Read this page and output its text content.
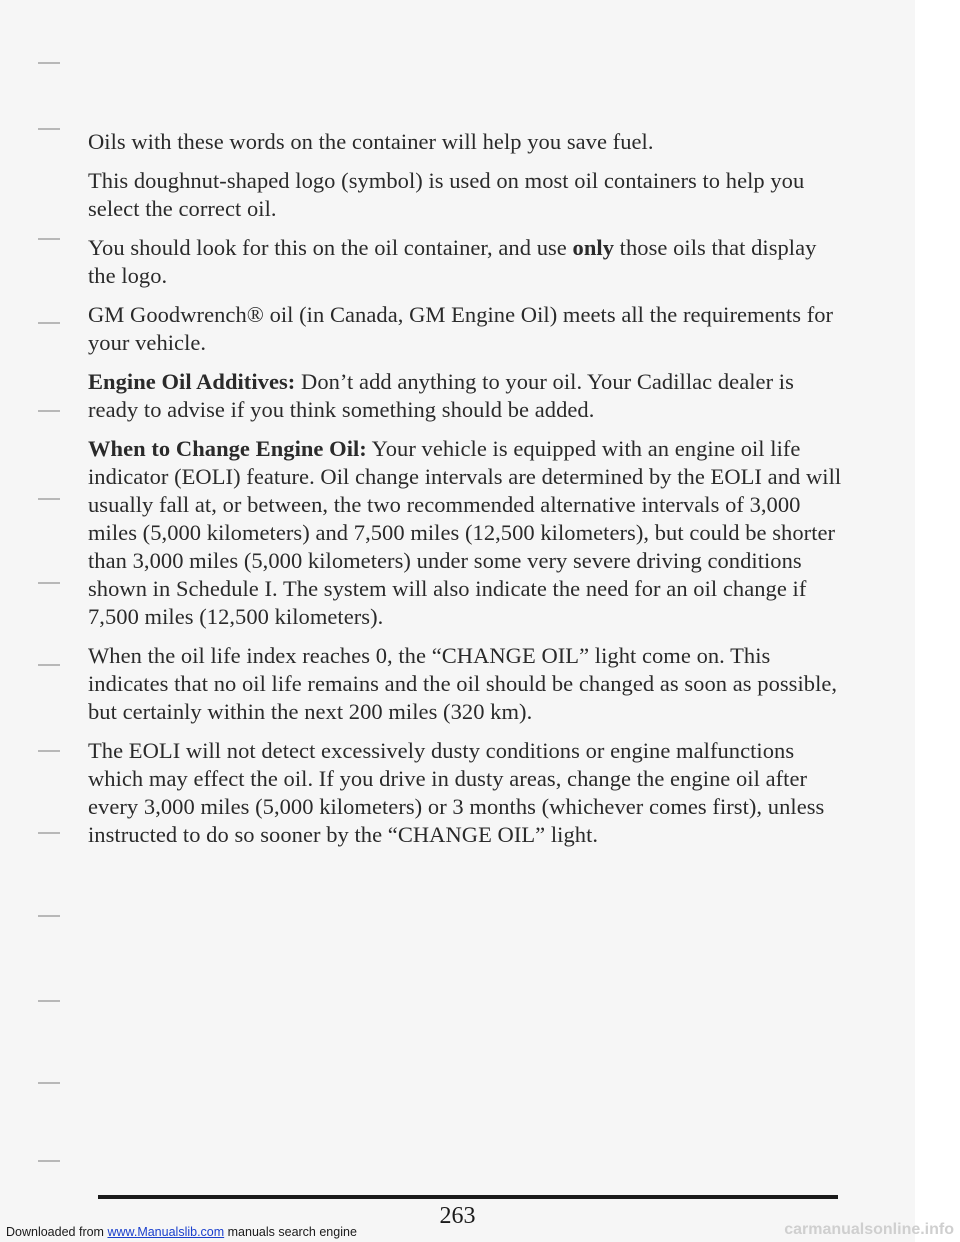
Oils with these words on the container will help you save fuel.

This doughnut-shaped logo (symbol) is used on most oil containers to help you select the correct oil.

You should look for this on the oil container, and use only those oils that display the logo.

GM Goodwrench® oil (in Canada, GM Engine Oil) meets all the requirements for your vehicle.

Engine Oil Additives: Don’t add anything to your oil. Your Cadillac dealer is ready to advise if you think something should be added.

When to Change Engine Oil: Your vehicle is equipped with an engine oil life indicator (EOLI) feature. Oil change intervals are determined by the EOLI and will usually fall at, or between, the two recommended alternative intervals of 3,000 miles (5,000 kilometers) and 7,500 miles (12,500 kilometers), but could be shorter than 3,000 miles (5,000 kilometers) under some very severe driving conditions shown in Schedule I. The system will also indicate the need for an oil change if 7,500 miles (12,500 kilometers).

When the oil life index reaches 0, the “CHANGE OIL” light come on. This indicates that no oil life remains and the oil should be changed as soon as possible, but certainly within the next 200 miles (320 km).

The EOLI will not detect excessively dusty conditions or engine malfunctions which may effect the oil. If you drive in dusty areas, change the engine oil after every 3,000 miles (5,000 kilometers) or 3 months (whichever comes first), unless instructed to do so sooner by the “CHANGE OIL” light.

263
Downloaded from www.Manualslib.com manuals search engine	carmanualsonline.info
